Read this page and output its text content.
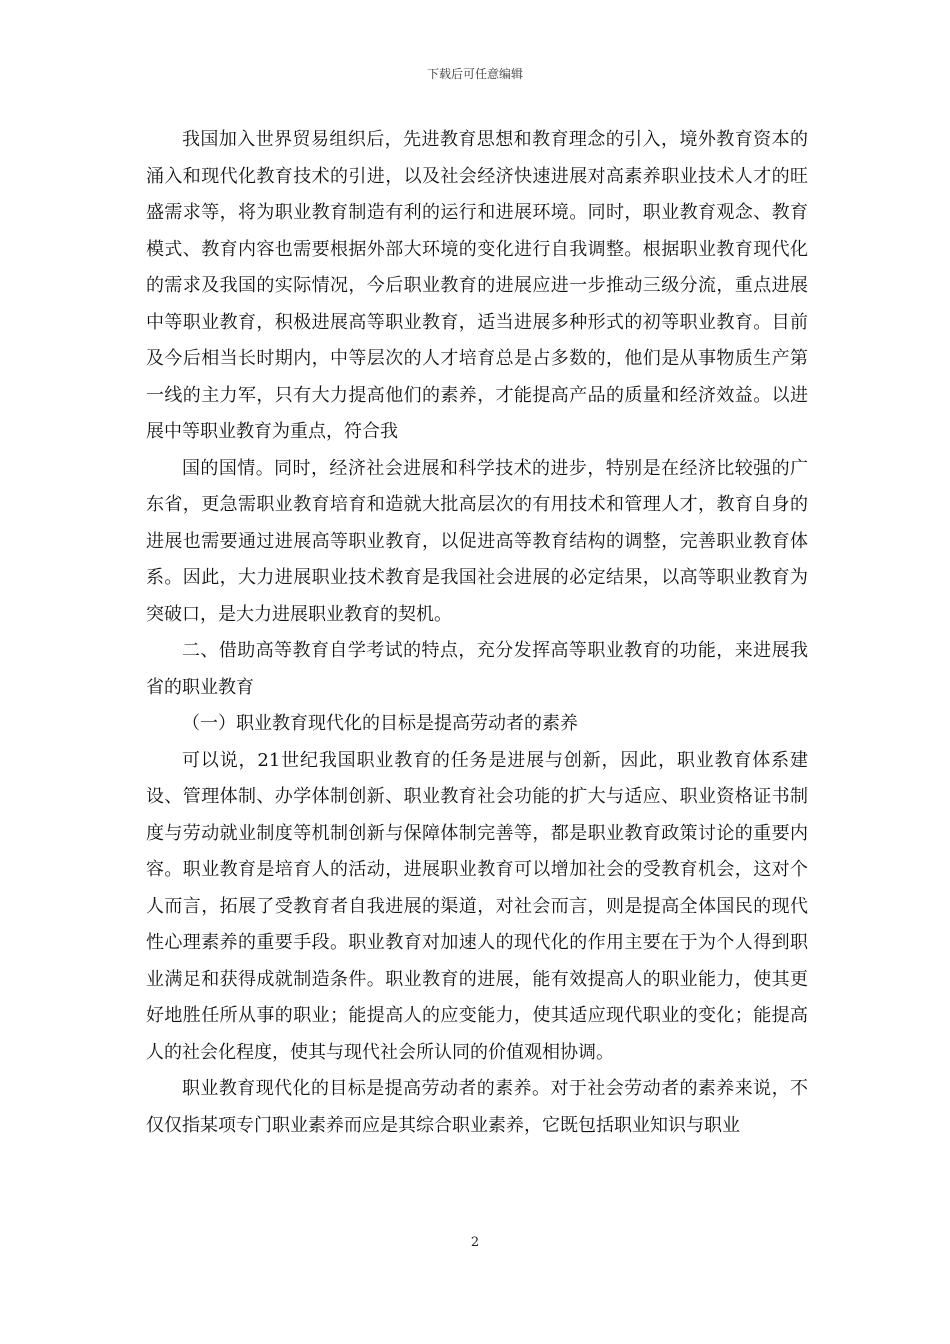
下载后可任意编辑

我国加入世界贸易组织后，先进教育思想和教育理念的引入，境外教育资本的涌入和现代化教育技术的引进，以及社会经济快速进展对高素养职业技术人才的旺盛需求等，将为职业教育制造有利的运行和进展环境。同时，职业教育观念、教育模式、教育内容也需要根据外部大环境的变化进行自我调整。根据职业教育现代化的需求及我国的实际情况，今后职业教育的进展应进一步推动三级分流，重点进展中等职业教育，积极进展高等职业教育，适当进展多种形式的初等职业教育。目前及今后相当长时期内，中等层次的人才培育总是占多数的，他们是从事物质生产第一线的主力军，只有大力提高他们的素养，才能提高产品的质量和经济效益。以进展中等职业教育为重点，符合我

国的国情。同时，经济社会进展和科学技术的进步，特别是在经济比较强的广东省，更急需职业教育培育和造就大批高层次的有用技术和管理人才，教育自身的进展也需要通过进展高等职业教育，以促进高等教育结构的调整，完善职业教育体系。因此，大力进展职业技术教育是我国社会进展的必定结果，以高等职业教育为突破口，是大力进展职业教育的契机。

二、借助高等教育自学考试的特点，充分发挥高等职业教育的功能，来进展我省的职业教育

（一）职业教育现代化的目标是提高劳动者的素养

可以说，21世纪我国职业教育的任务是进展与创新，因此，职业教育体系建设、管理体制、办学体制创新、职业教育社会功能的扩大与适应、职业资格证书制度与劳动就业制度等机制创新与保障体制完善等，都是职业教育政策讨论的重要内容。职业教育是培育人的活动，进展职业教育可以增加社会的受教育机会，这对个人而言，拓展了受教育者自我进展的渠道，对社会而言，则是提高全体国民的现代性心理素养的重要手段。职业教育对加速人的现代化的作用主要在于为个人得到职业满足和获得成就制造条件。职业教育的进展，能有效提高人的职业能力，使其更好地胜任所从事的职业；能提高人的应变能力，使其适应现代职业的变化；能提高人的社会化程度，使其与现代社会所认同的价值观相协调。

职业教育现代化的目标是提高劳动者的素养。对于社会劳动者的素养来说，不仅仅指某项专门职业素养而应是其综合职业素养，它既包括职业知识与职业

2
